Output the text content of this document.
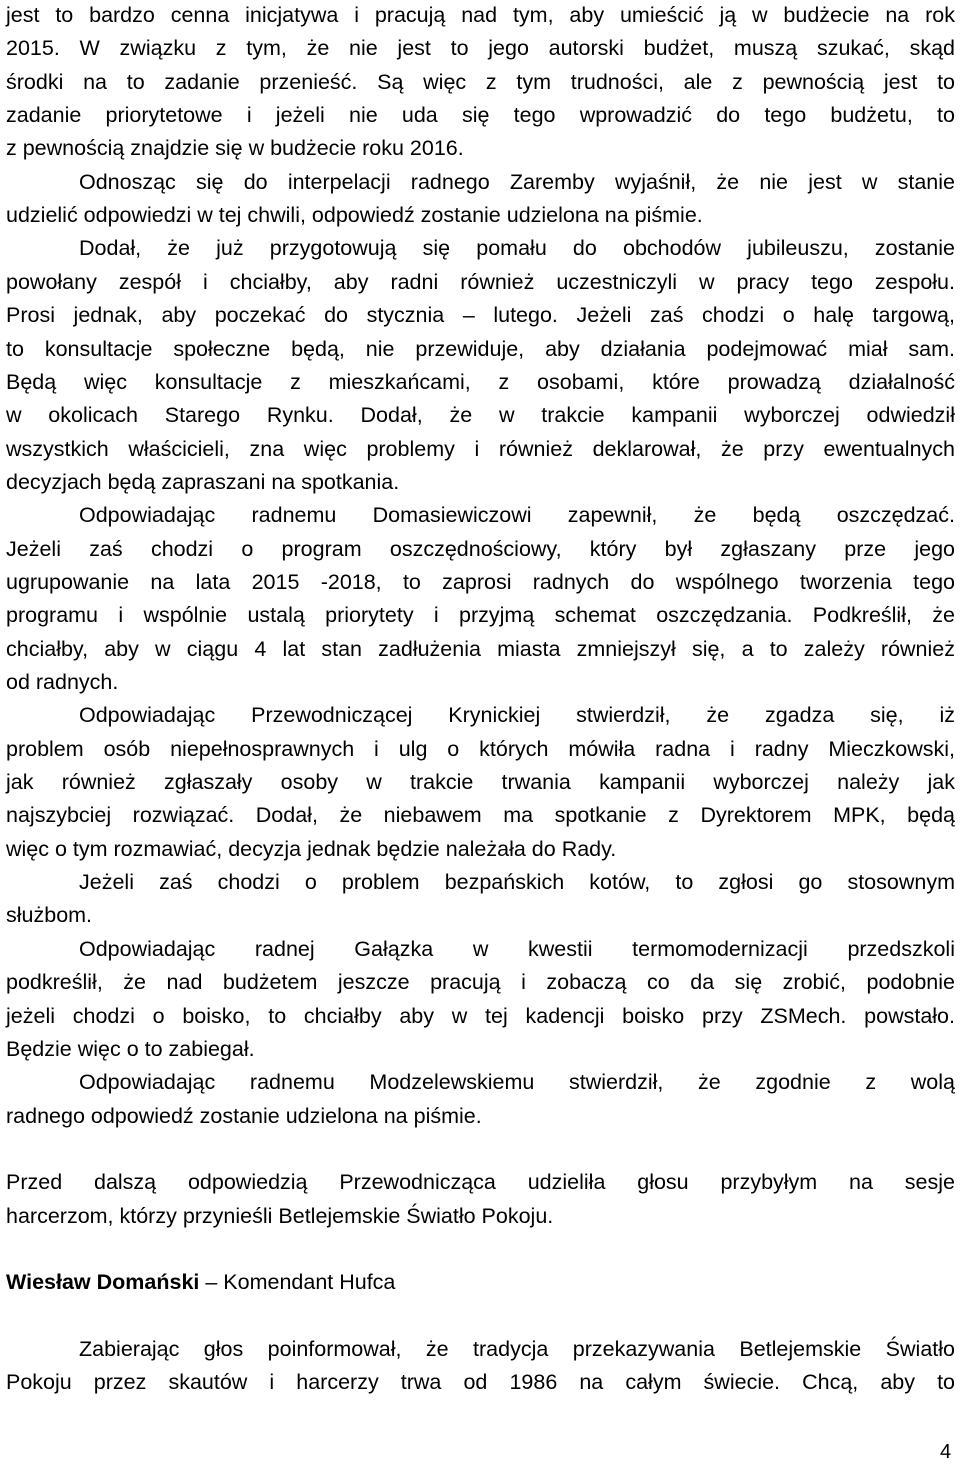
4
jest to bardzo cenna inicjatywa i pracują nad tym, aby umieścić ją w budżecie na rok
2015. W związku z tym, że nie jest to jego autorski budżet, muszą szukać, skąd
środki na to zadanie przenieść. Są więc z tym trudności, ale z pewnością jest to
zadanie priorytetowe i jeżeli nie uda się tego wprowadzić do tego budżetu, to
z pewnością znajdzie się w budżecie roku 2016.
Odnosząc się do interpelacji radnego Zaremby wyjaśnił, że nie jest w stanie
udzielić odpowiedzi w tej chwili, odpowiedź zostanie udzielona na piśmie.
Dodał, że już przygotowują się pomału do obchodów jubileuszu, zostanie
powołany zespół i chciałby, aby radni również uczestniczyli w pracy tego zespołu.
Prosi jednak, aby poczekać do stycznia – lutego. Jeżeli zaś chodzi o halę targową,
to konsultacje społeczne będą, nie przewiduje, aby działania podejmować miał sam.
Będą więc konsultacje z mieszkańcami, z osobami, które prowadzą działalność
w okolicach Starego Rynku. Dodał, że w trakcie kampanii wyborczej odwiedził
wszystkich właścicieli, zna więc problemy i również deklarował, że przy ewentualnych
decyzjach będą zapraszani na spotkania.
Odpowiadając radnemu Domasiewiczowi zapewnił, że będą oszczędzać.
Jeżeli zaś chodzi o program oszczędnościowy, który był zgłaszany prze jego
ugrupowanie na lata 2015 -2018, to zaprosi radnych do wspólnego tworzenia tego
programu i wspólnie ustalą priorytety i przyjmą schemat oszczędzania. Podkreślił, że
chciałby, aby w ciągu 4 lat stan zadłużenia miasta zmniejszył się, a to zależy również
od radnych.
Odpowiadając Przewodniczącej Krynickiej stwierdził, że zgadza się, iż
problem osób niepełnosprawnych i ulg o których mówiła radna i radny Mieczkowski,
jak również zgłaszały osoby w trakcie trwania kampanii wyborczej należy jak
najszybciej rozwiązać. Dodał, że niebawem ma spotkanie z Dyrektorem MPK, będą
więc o tym rozmawiać, decyzja jednak będzie należała do Rady.
Jeżeli zaś chodzi o problem bezpańskich kotów, to zgłosi go stosownym
służbom.
Odpowiadając radnej Gałązka w kwestii termomodernizacji przedszkoli
podkreślił, że nad budżetem jeszcze pracują i zobaczą co da się zrobić, podobnie
jeżeli chodzi o boisko, to chciałby aby w tej kadencji boisko przy ZSMech. powstało.
Będzie więc o to zabiegał.
Odpowiadając radnemu Modzelewskiemu stwierdził, że zgodnie z wolą
radnego odpowiedź zostanie udzielona na piśmie.
Przed dalszą odpowiedzią Przewodnicząca udzieliła głosu przybyłym na sesje
harcerzom, którzy przynieśli Betlejemskie Światło Pokoju.
Wiesław Domański – Komendant Hufca
Zabierając głos poinformował, że tradycja przekazywania Betlejemskie Światło
Pokoju przez skautów i harcerzy trwa od 1986 na całym świecie. Chcą, aby to
